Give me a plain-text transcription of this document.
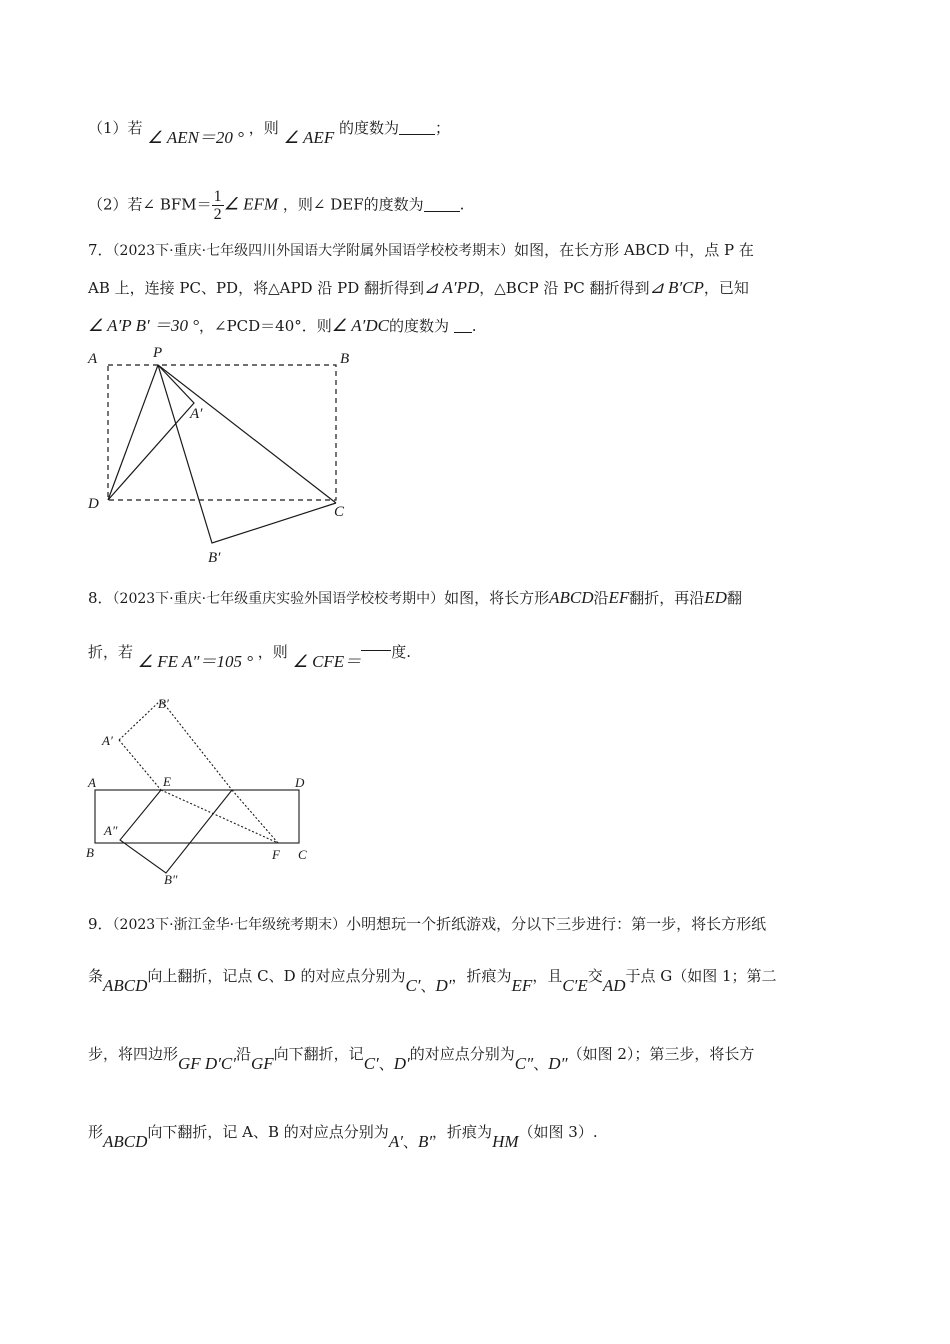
（1）若 ∠ AEN＝20 ° ，则 ∠ AEF 的度数为 ；
（2）若∠ $BFM= \frac{1}{2}$ ∠ EFM ，则∠ DEF的度数为 .
7．（2023下·重庆·七年级四川外国语大学附属外国语学校校考期末）如图，在长方形 ABCD 中，点 P 在
AB 上，连接 PC、PD，将△APD 沿 PD 翻折得到⊿ A′PD，△BCP 沿 PC 翻折得到⊿ B′CP，已知
∠ A′P B′ ＝30 °，∠PCD＝40°．则∠ A′DC的度数为 .
A	P	B
A′
D	C
B′
B′
A′
A	E	D
A″
B	F C
B″
8．（2023下·重庆·七年级重庆实验外国语学校校考期中）如图，将长方形ABCD沿EF翻折，再沿ED翻
折，若 ∠ FE A″＝105 ° ，则 ∠ CFE＝ 度.
9．（2023下·浙江金华·七年级统考期末）小明想玩一个折纸游戏，分以下三步进行：第一步，将长方形纸
条ABCD向上翻折，记点 C、D 的对应点分别为C′、D′，折痕为EF，且C′E交AD于点 G（如图 1；第二
步，将四边形GF D′C′沿GF向下翻折，记C′、D′的对应点分别为C″、D″（如图 2）；第三步，将长方
形ABCD向下翻折，记 A、B 的对应点分别为A′、B′，折痕为HM（如图 3）.
